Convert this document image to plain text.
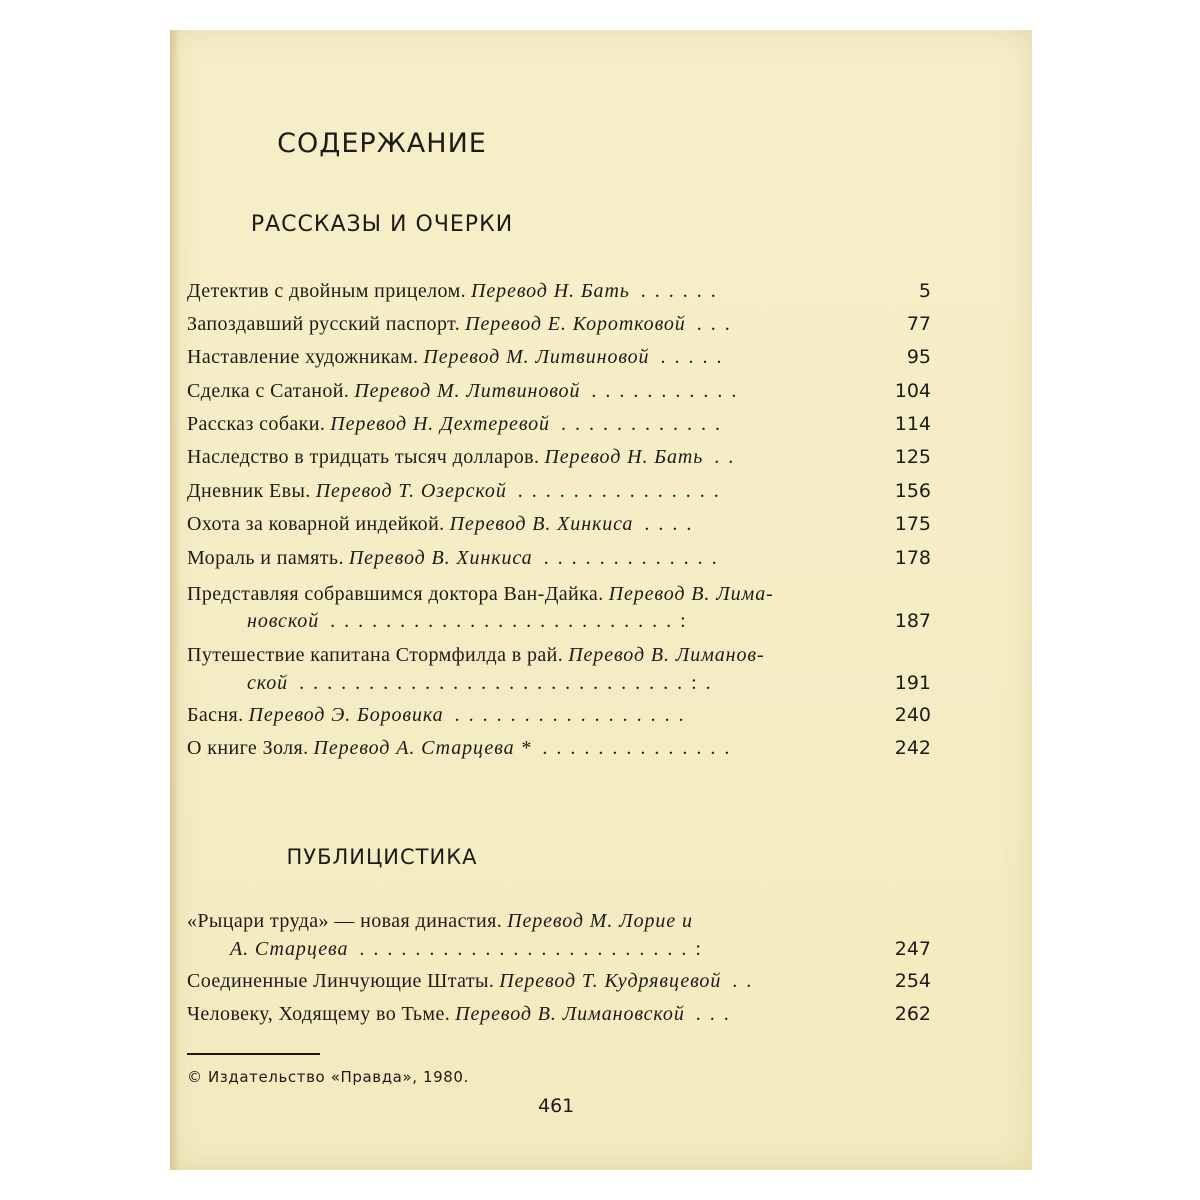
СОДЕРЖАНИЕ
РАССКАЗЫ И ОЧЕРКИ
Детектив с двойным прицелом. Перевод Н. Бать . . . . . .	5
Запоздавший русский паспорт. Перевод Е. Коротковой . . .	77
Наставление художникам. Перевод М. Литвиновой . . . . .	95
Сделка с Сатаной. Перевод М. Литвиновой . . . . . . . . . . .	104
Рассказ собаки. Перевод Н. Дехтеревой . . . . . . . . . . . .	114
Наследство в тридцать тысяч долларов. Перевод Н. Бать . .	125
Дневник Евы. Перевод Т. Озерской . . . . . . . . . . . . . . .	156
Охота за коварной индейкой. Перевод В. Хинкиса . . . .	175
Мораль и память. Перевод В. Хинкиса . . . . . . . . . . . . .	178
Представляя собравшимся доктора Ван-Дайка. Перевод В. Лима-
новской . . . . . . . . . . . . . . . . . . . . . . . . . :	187
Путешествие капитана Стормфилда в рай. Перевод В. Лиманов-
ской . . . . . . . . . . . . . . . . . . . . . . . . . . . . : .	191
Басня. Перевод Э. Боровика . . . . . . . . . . . . . . . . .	240
О книге Золя. Перевод А. Старцева * . . . . . . . . . . . . . .	242
ПУБЛИЦИСТИКА
«Рыцари труда» — новая династия. Перевод М. Лорие и
А. Старцева . . . . . . . . . . . . . . . . . . . . . . . . :	247
Соединенные Линчующие Штаты. Перевод Т. Кудрявцевой . .	254
Человеку, Ходящему во Тьме. Перевод В. Лимановской . . .	262
© Издательство «Правда», 1980.
461
